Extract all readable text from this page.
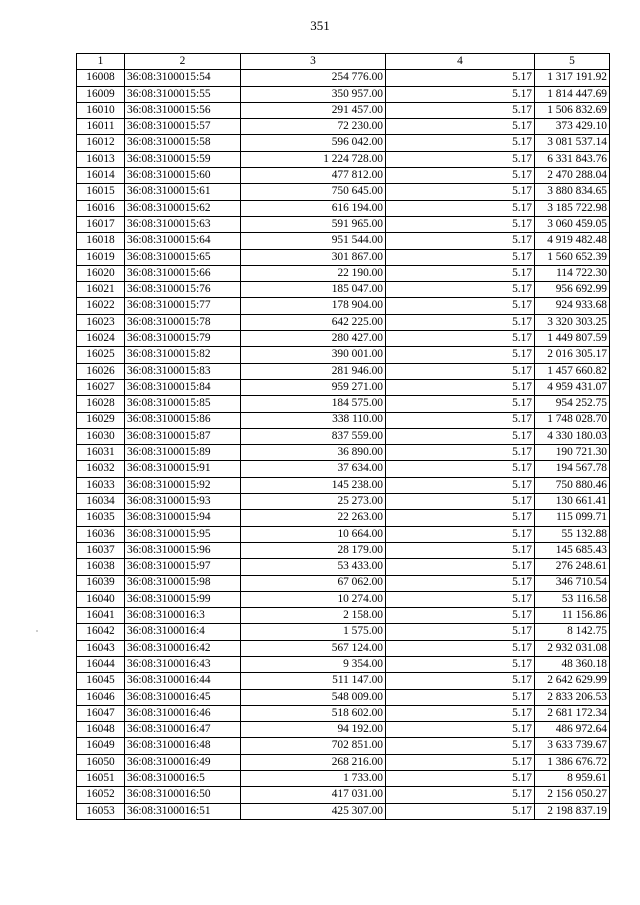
351
1	2	3	4	5
16008	36:08:3100015:54	254 776.00	5.17	1 317 191.92
16009	36:08:3100015:55	350 957.00	5.17	1 814 447.69
16010	36:08:3100015:56	291 457.00	5.17	1 506 832.69
16011	36:08:3100015:57	72 230.00	5.17	373 429.10
16012	36:08:3100015:58	596 042.00	5.17	3 081 537.14
16013	36:08:3100015:59	1 224 728.00	5.17	6 331 843.76
16014	36:08:3100015:60	477 812.00	5.17	2 470 288.04
16015	36:08:3100015:61	750 645.00	5.17	3 880 834.65
16016	36:08:3100015:62	616 194.00	5.17	3 185 722.98
16017	36:08:3100015:63	591 965.00	5.17	3 060 459.05
16018	36:08:3100015:64	951 544.00	5.17	4 919 482.48
16019	36:08:3100015:65	301 867.00	5.17	1 560 652.39
16020	36:08:3100015:66	22 190.00	5.17	114 722.30
16021	36:08:3100015:76	185 047.00	5.17	956 692.99
16022	36:08:3100015:77	178 904.00	5.17	924 933.68
16023	36:08:3100015:78	642 225.00	5.17	3 320 303.25
16024	36:08:3100015:79	280 427.00	5.17	1 449 807.59
16025	36:08:3100015:82	390 001.00	5.17	2 016 305.17
16026	36:08:3100015:83	281 946.00	5.17	1 457 660.82
16027	36:08:3100015:84	959 271.00	5.17	4 959 431.07
16028	36:08:3100015:85	184 575.00	5.17	954 252.75
16029	36:08:3100015:86	338 110.00	5.17	1 748 028.70
16030	36:08:3100015:87	837 559.00	5.17	4 330 180.03
16031	36:08:3100015:89	36 890.00	5.17	190 721.30
16032	36:08:3100015:91	37 634.00	5.17	194 567.78
16033	36:08:3100015:92	145 238.00	5.17	750 880.46
16034	36:08:3100015:93	25 273.00	5.17	130 661.41
16035	36:08:3100015:94	22 263.00	5.17	115 099.71
16036	36:08:3100015:95	10 664.00	5.17	55 132.88
16037	36:08:3100015:96	28 179.00	5.17	145 685.43
16038	36:08:3100015:97	53 433.00	5.17	276 248.61
16039	36:08:3100015:98	67 062.00	5.17	346 710.54
16040	36:08:3100015:99	10 274.00	5.17	53 116.58
16041	36:08:3100016:3	2 158.00	5.17	11 156.86
16042	36:08:3100016:4	1 575.00	5.17	8 142.75
16043	36:08:3100016:42	567 124.00	5.17	2 932 031.08
16044	36:08:3100016:43	9 354.00	5.17	48 360.18
16045	36:08:3100016:44	511 147.00	5.17	2 642 629.99
16046	36:08:3100016:45	548 009.00	5.17	2 833 206.53
16047	36:08:3100016:46	518 602.00	5.17	2 681 172.34
16048	36:08:3100016:47	94 192.00	5.17	486 972.64
16049	36:08:3100016:48	702 851.00	5.17	3 633 739.67
16050	36:08:3100016:49	268 216.00	5.17	1 386 676.72
16051	36:08:3100016:5	1 733.00	5.17	8 959.61
16052	36:08:3100016:50	417 031.00	5.17	2 156 050.27
16053	36:08:3100016:51	425 307.00	5.17	2 198 837.19
